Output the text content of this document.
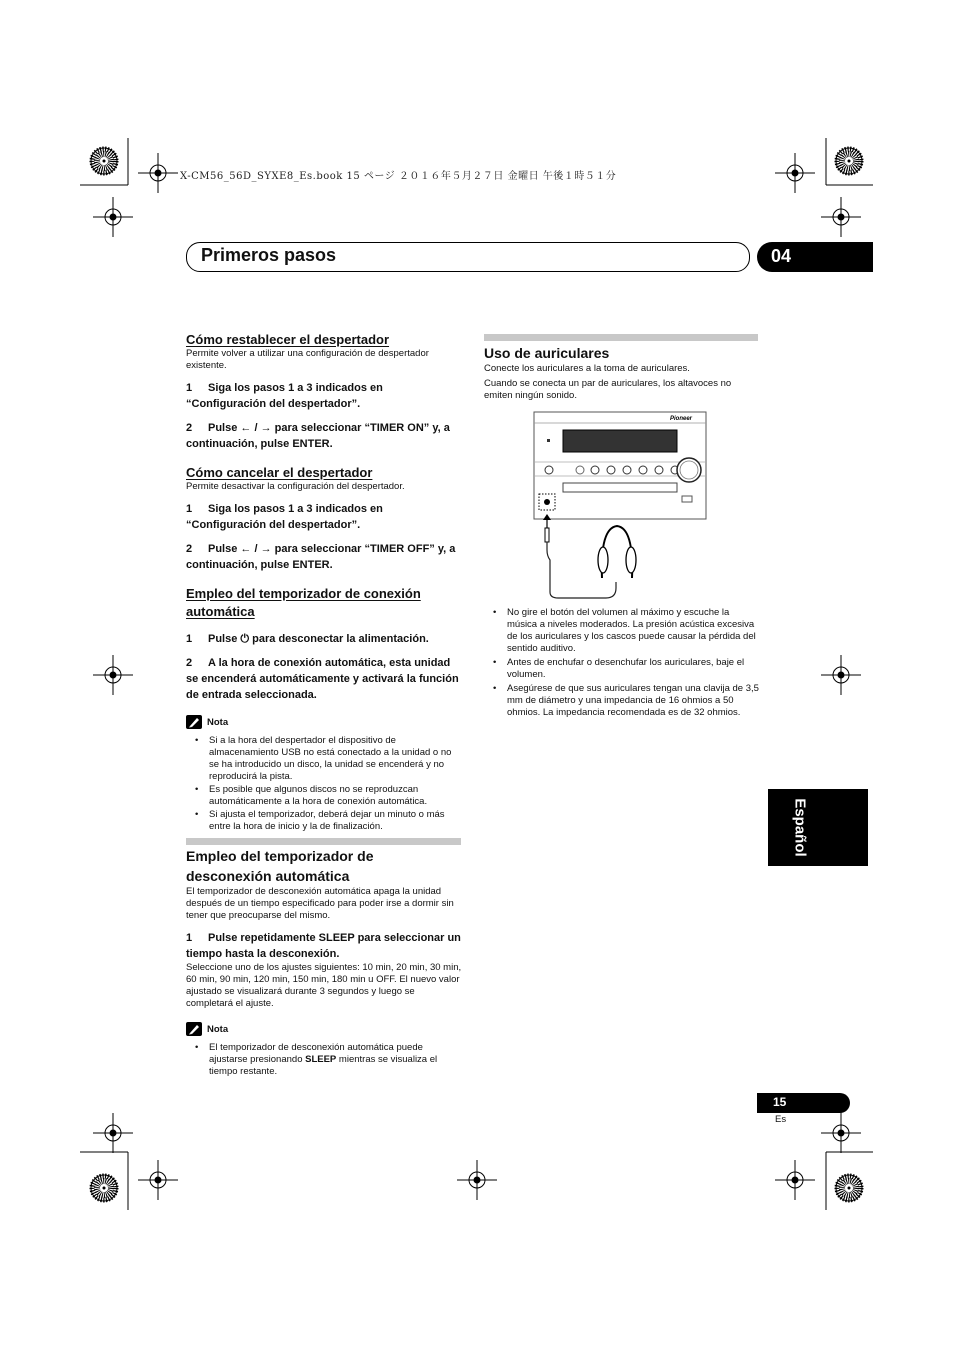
X-CM56_56D_SYXE8_Es.book 15 ページ ２０１６年５月２７日 金曜日 午後１時５１分
Primeros pasos	04
Cómo restablecer el despertador

Permite volver a utilizar una configuración de despertador existente.

1 Siga los pasos 1 a 3 indicados en “Configuración del despertador”.

2 Pulse ← / → para seleccionar “TIMER ON” y, a continuación, pulse ENTER.

Cómo cancelar el despertador

Permite desactivar la configuración del despertador.

1 Siga los pasos 1 a 3 indicados en “Configuración del despertador”.

2 Pulse ← / → para seleccionar “TIMER OFF” y, a continuación, pulse ENTER.

Empleo del temporizador de conexión automática

1 Pulse ⏻ para desconectar la alimentación.

2 A la hora de conexión automática, esta unidad se encenderá automáticamente y activará la función de entrada seleccionada.

Nota
• Si a la hora del despertador el dispositivo de almacenamiento USB no está conectado a la unidad o no se ha introducido un disco, la unidad se encenderá y no reproducirá la pista.
• Es posible que algunos discos no se reproduzcan automáticamente a la hora de conexión automática.
• Si ajusta el temporizador, deberá dejar un minuto o más entre la hora de inicio y la de finalización.
Empleo del temporizador de desconexión automática

El temporizador de desconexión automática apaga la unidad después de un tiempo especificado para poder irse a dormir sin tener que preocuparse del mismo.

1 Pulse repetidamente SLEEP para seleccionar un tiempo hasta la desconexión.

Seleccione uno de los ajustes siguientes: 10 min, 20 min, 30 min, 60 min, 90 min, 120 min, 150 min, 180 min u OFF. El nuevo valor ajustado se visualizará durante 3 segundos y luego se completará el ajuste.

Nota
• El temporizador de desconexión automática puede ajustarse presionando SLEEP mientras se visualiza el tiempo restante.
Uso de auriculares

Conecte los auriculares a la toma de auriculares.

Cuando se conecta un par de auriculares, los altavoces no emiten ningún sonido.

Pioneer
• No gire el botón del volumen al máximo y escuche la música a niveles moderados. La presión acústica excesiva de los auriculares y los cascos puede causar la pérdida del sentido auditivo.
• Antes de enchufar o desenchufar los auriculares, baje el volumen.
• Asegúrese de que sus auriculares tengan una clavija de 3,5 mm de diámetro y una impedancia de 16 ohmios a 50 ohmios. La impedancia recomendada es de 32 ohmios.
Español
15
Es
